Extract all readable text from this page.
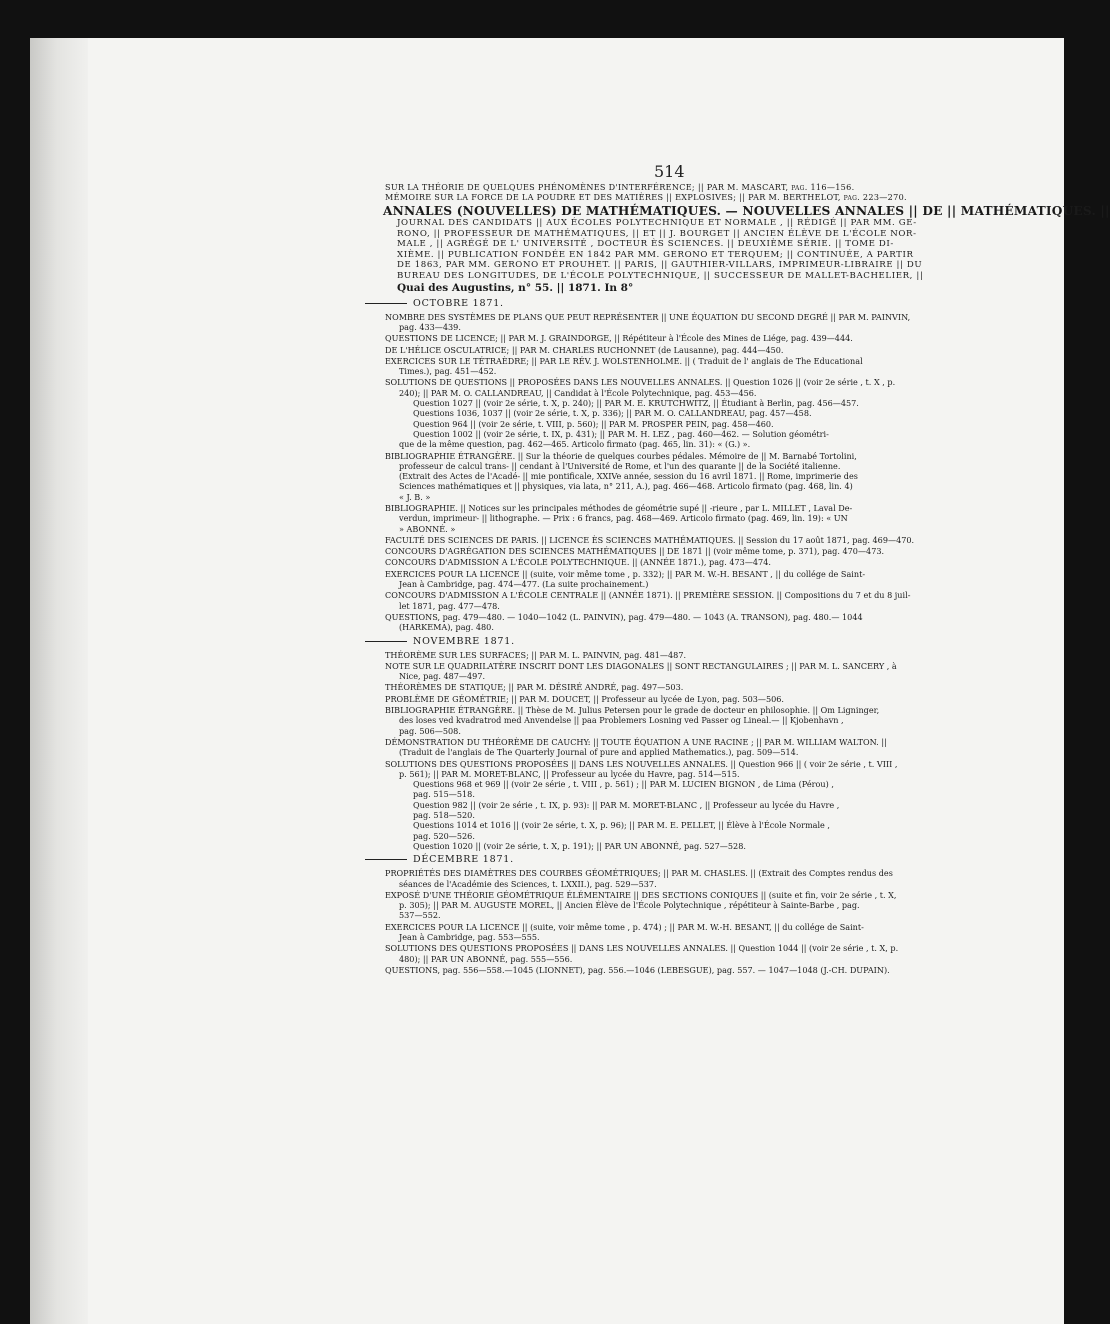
514
SUR LA THÉORIE DE QUELQUES PHÉNOMÈNES D'INTERFÉRENCE; || PAR M. MASCART, pag. 116—156.
MÉMOIRE SUR LA FORCE DE LA POUDRE ET DES MATIÈRES || EXPLOSIVES; || PAR M. BERTHELOT, pag. 223—270.
ANNALES (NOUVELLES) DE MATHÉMATIQUES. — NOUVELLES ANNALES || DE || MATHÉMATIQUES. ||
JOURNAL DES CANDIDATS || AUX ÉCOLES POLYTECHNIQUE ET NORMALE , || RÉDIGÉ || PAR MM. GE-
RONO, || PROFESSEUR DE MATHÉMATIQUES, || ET || J. BOURGET || ANCIEN ÉLÈVE DE L'ÉCOLE NOR-
MALE , || AGRÉGÉ DE L' UNIVERSITÉ , DOCTEUR ÈS SCIENCES. || DEUXIÈME SÉRIE. || TOME DI-
XIÈME. || PUBLICATION FONDÉE EN 1842 PAR MM. GERONO ET TERQUEM; || CONTINUÉE, A PARTIR
DE 1863, PAR MM. GERONO ET PROUHET. || PARIS, || GAUTHIER-VILLARS, IMPRIMEUR-LIBRAIRE || DU
BUREAU DES LONGITUDES, DE L'ÉCOLE POLYTECHNIQUE, || SUCCESSEUR DE MALLET-BACHELIER, ||
Quai des Augustins, n° 55. || 1871. In 8°
OCTOBRE 1871.
NOMBRE DES SYSTÈMES DE PLANS QUE PEUT REPRÉSENTER || UNE ÉQUATION DU SECOND DEGRÉ || PAR M. PAINVIN,
pag. 433—439.
QUESTIONS DE LICENCE; || PAR M. J. GRAINDORGE, || Répétiteur à l'École des Mines de Liége, pag. 439—444.
DE L'HÉLICE OSCULATRICE; || PAR M. CHARLES RUCHONNET (de Lausanne), pag. 444—450.
EXERCICES SUR LE TÉTRAÈDRE; || PAR LE RÉV. J. WOLSTENHOLME. || ( Traduit de l' anglais de The Educational
Times.), pag. 451—452.
SOLUTIONS DE QUESTIONS || PROPOSÉES DANS LES NOUVELLES ANNALES. || Question 1026 || (voir 2e série , t. X , p.
240); || PAR M. O. CALLANDREAU, || Candidat à l'École Polytechnique, pag. 453—456.
Question 1027 || (voir 2e série, t. X, p. 240); || PAR M. E. KRUTCHWITZ, || Étudiant à Berlin, pag. 456—457.
Questions 1036, 1037 || (voir 2e série, t. X, p. 336); || PAR M. O. CALLANDREAU, pag. 457—458.
Question 964 || (voir 2e série, t. VIII, p. 560); || PAR M. PROSPER PEIN, pag. 458—460.
Question 1002 || (voir 2e série, t. IX, p. 431); || PAR M. H. LEZ , pag. 460—462. — Solution géométri-
que de la même question, pag. 462—465. Articolo firmato (pag. 465, lin. 31): « (G.) ».
BIBLIOGRAPHIE ÉTRANGÈRE. || Sur la théorie de quelques courbes pédales. Mémoire de || M. Barnabé Tortolini,
professeur de calcul trans- || cendant à l'Université de Rome, et l'un des quarante || de la Société italienne.
(Extrait des Actes de l'Acadé- || mie pontificale, XXIVe année, session du 16 avril 1871. || Rome, imprimerie des
Sciences mathématiques et || physiques, via lata, n° 211, A.), pag. 466—468. Articolo firmato (pag. 468, lin. 4)
« J. B. »
BIBLIOGRAPHIE. || Notices sur les principales méthodes de géométrie supé || -rieure , par L. MILLET , Laval De-
verdun, imprimeur- || lithographe. — Prix : 6 francs, pag. 468—469. Articolo firmato (pag. 469, lin. 19): « UN
» ABONNÉ. »
FACULTÉ DES SCIENCES DE PARIS. || LICENCE ÈS SCIENCES MATHÉMATIQUES. || Session du 17 août 1871, pag. 469—470.
CONCOURS D'AGRÉGATION DES SCIENCES MATHÉMATIQUES || DE 1871 || (voir même tome, p. 371), pag. 470—473.
CONCOURS D'ADMISSION A L'ÉCOLE POLYTECHNIQUE. || (ANNÉE 1871.), pag. 473—474.
EXERCICES POUR LA LICENCE || (suite, voir même tome , p. 332); || PAR M. W.-H. BESANT , || du collége de Saint-
Jean à Cambridge, pag. 474—477. (La suite prochainement.)
CONCOURS D'ADMISSION A L'ÉCOLE CENTRALE || (ANNÉE 1871). || PREMIÈRE SESSION. || Compositions du 7 et du 8 juil-
let 1871, pag. 477—478.
QUESTIONS, pag. 479—480. — 1040—1042 (L. PAINVIN), pag. 479—480. — 1043 (A. TRANSON), pag. 480.— 1044
(HARKEMA), pag. 480.
NOVEMBRE 1871.
THÉORÈME SUR LES SURFACES; || PAR M. L. PAINVIN, pag. 481—487.
NOTE SUR LE QUADRILATÈRE INSCRIT DONT LES DIAGONALES || SONT RECTANGULAIRES ; || PAR M. L. SANCERY , à
Nice, pag. 487—497.
THÉORÈMES DE STATIQUE; || PAR M. DÉSIRÉ ANDRÉ, pag. 497—503.
PROBLÈME DE GÉOMÉTRIE; || PAR M. DOUCET, || Professeur au lycée de Lyon, pag. 503—506.
BIBLIOGRAPHIE ÉTRANGÈRE. || Thèse de M. Julius Petersen pour le grade de docteur en philosophie. || Om Ligninger,
des loses ved kvadratrod med Anvendelse || paa Problemers Losning ved Passer og Lineal.— || Kjobenhavn ,
pag. 506—508.
DÉMONSTRATION DU THÉORÈME DE CAUCHY: || TOUTE ÉQUATION A UNE RACINE ; || PAR M. WILLIAM WALTON. ||
(Traduit de l'anglais de The Quarterly Journal of pure and applied Mathematics.), pag. 509—514.
SOLUTIONS DES QUESTIONS PROPOSÉES || DANS LES NOUVELLES ANNALES. || Question 966 || ( voir 2e série , t. VIII ,
p. 561); || PAR M. MORET-BLANC, || Professeur au lycée du Havre, pag. 514—515.
Questions 968 et 969 || (voir 2e série , t. VIII , p. 561) ; || PAR M. LUCIEN BIGNON , de Lima (Pérou) ,
pag. 515—518.
Question 982 || (voir 2e série , t. IX, p. 93): || PAR M. MORET-BLANC , || Professeur au lycée du Havre ,
pag. 518—520.
Questions 1014 et 1016 || (voir 2e série, t. X, p. 96); || PAR M. E. PELLET, || Élève à l'École Normale ,
pag. 520—526.
Question 1020 || (voir 2e série, t. X, p. 191); || PAR UN ABONNÉ, pag. 527—528.
DÉCEMBRE 1871.
PROPRIÉTÉS DES DIAMÈTRES DES COURBES GÉOMÉTRIQUES; || PAR M. CHASLES. || (Extrait des Comptes rendus des
séances de l'Académie des Sciences, t. LXXII.), pag. 529—537.
EXPOSÉ D'UNE THÉORIE GÉOMÉTRIQUE ÉLÉMENTAIRE || DES SECTIONS CONIQUES || (suite et fin, voir 2e série , t. X,
p. 305); || PAR M. AUGUSTE MOREL, || Ancien Élève de l'École Polytechnique , répétiteur à Sainte-Barbe , pag.
537—552.
EXERCICES POUR LA LICENCE || (suite, voir même tome , p. 474) ; || PAR M. W.-H. BESANT, || du collége de Saint-
Jean à Cambridge, pag. 553—555.
SOLUTIONS DES QUESTIONS PROPOSÉES || DANS LES NOUVELLES ANNALES. || Question 1044 || (voir 2e série , t. X, p.
480); || PAR UN ABONNÉ, pag. 555—556.
QUESTIONS, pag. 556—558.—1045 (LIONNET), pag. 556.—1046 (LEBESGUE), pag. 557. — 1047—1048 (J.-CH. DUPAIN).
